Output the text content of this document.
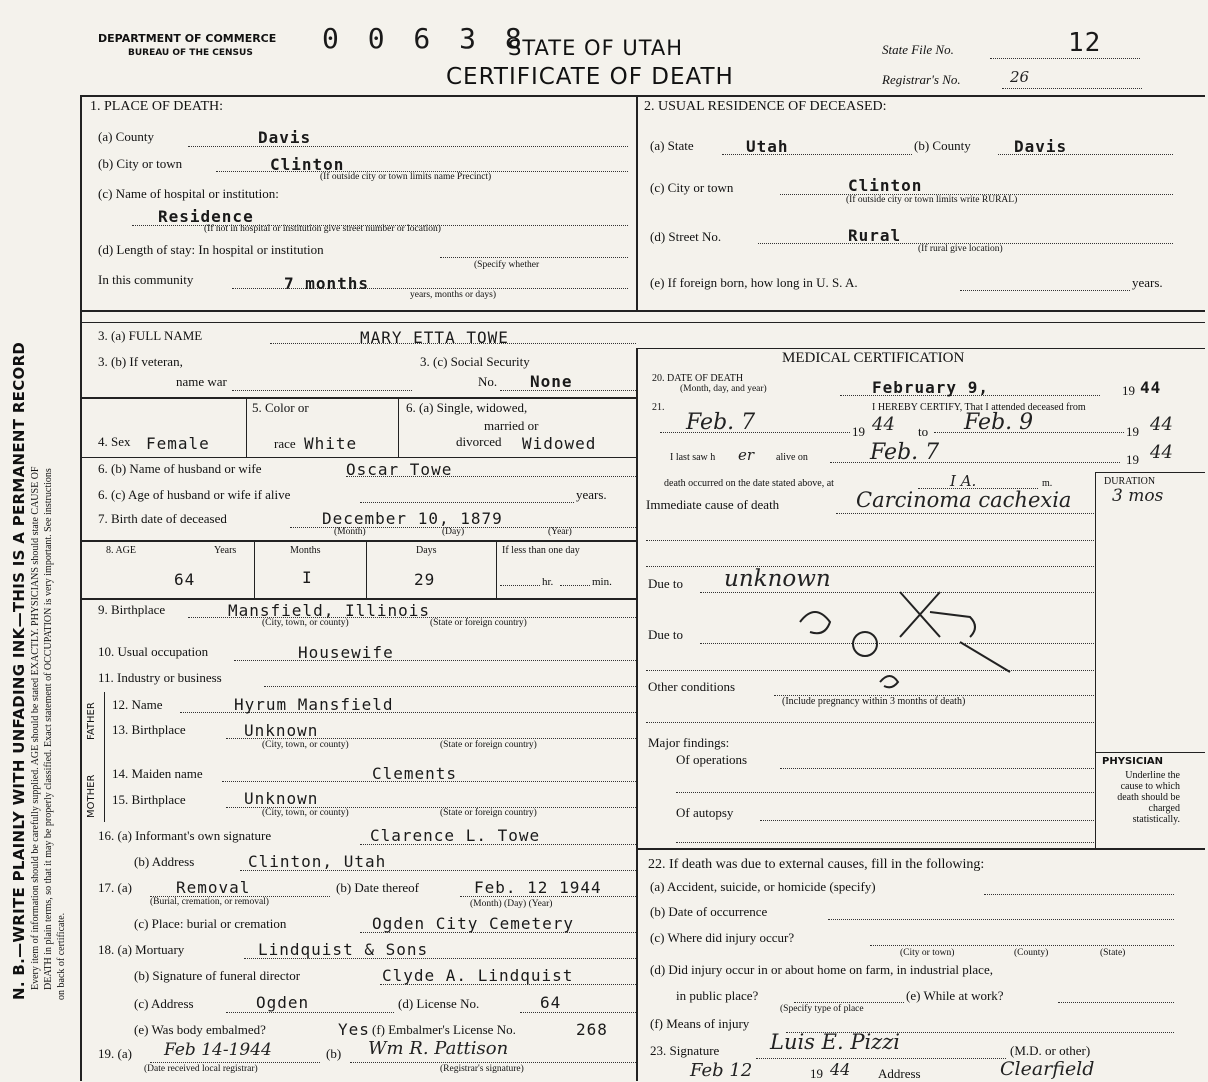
N. B.—WRITE PLAINLY WITH UNFADING INK—THIS IS A PERMANENT RECORD Every item of information should be carefully supplied. AGE should be stated EXACTLY. PHYSICIANS should state CAUSE OF DEATH in plain terms, so that it may be properly classified. Exact statement of OCCUPATION is very important. See instructions on back of certificate.
DEPARTMENT OF COMMERCE
BUREAU OF THE CENSUS 0 0 6 3 8
STATE OF UTAH
CERTIFICATE OF DEATH
State File No.	12
Registrar's No.	26
1. PLACE OF DEATH:
(a) County	Davis
(b) City or town	Clinton
(If outside city or town limits name Precinct)
(c) Name of hospital or institution:
Residence
(If not in hospital or institution give street number or location)
(d) Length of stay: In hospital or institution
(Specify whether
In this community	7 months
years, months or days)
2. USUAL RESIDENCE OF DECEASED:
(a) State	Utah	(b) County	Davis
(c) City or town	Clinton
(If outside city or town limits write RURAL)
(d) Street No.	Rural
(If rural give location)
(e) If foreign born, how long in U. S. A.	years.
3. (a) FULL NAME	MARY ETTA TOWE
3. (b) If veteran,
name war
3. (c) Social Security
No. None
MEDICAL CERTIFICATION
20. DATE OF DEATH
(Month, day, and year)	February 9,	19 44
5. Color or
race White
6. (a) Single, widowed,
married or
divorced Widowed
4. Sex Female
6. (b) Name of husband or wife	Oscar Towe
6. (c) Age of husband or wife if alive	years.
7. Birth date of deceased	December 10, 1879
(Month)	(Day)	(Year)
8. AGE	Years	Months	Days	If less than one day
64	I	29	hr.	min.
9. Birthplace	Mansfield, Illinois
(City, town, or county)	(State or foreign country)
10. Usual occupation	Housewife
11. Industry or business
FATHER
MOTHER
12. Name	Hyrum Mansfield
13. Birthplace	Unknown
(City, town, or county)	(State or foreign country)
14. Maiden name	Clements
15. Birthplace	Unknown
(City, town, or county)	(State or foreign country)
16. (a) Informant's own signature	Clarence L. Towe
(b) Address	Clinton, Utah
17. (a)	Removal	(b) Date thereof	Feb. 12 1944
(Burial, cremation, or removal)	(Month) (Day) (Year)
(c) Place: burial or cremation	Ogden City Cemetery
18. (a) Mortuary	Lindquist & Sons
(b) Signature of funeral director	Clyde A. Lindquist
(c) Address	Ogden	(d) License No.	64
(e) Was body embalmed?	Yes (f) Embalmer's License No.	268
19. (a) Feb 14-1944	(b) Wm R. Pattison
(Date received local registrar)	(Registrar's signature)
21.	I HEREBY CERTIFY, That I attended deceased from
Feb. 7	19 44 to Feb. 9	19 44
I last saw h er alive on	Feb. 7	19 44
death occurred on the date stated above, at	I A.	m.	DURATION
Immediate cause of death	Carcinoma cachexia 3 mos
Due to unknown
Due to
Other conditions
(Include pregnancy within 3 months of death)
Major findings:
Of operations
Of autopsy
PHYSICIAN
Underline the cause to which death should be charged statistically.
22. If death was due to external causes, fill in the following:
(a) Accident, suicide, or homicide (specify)
(b) Date of occurrence
(c) Where did injury occur?
(City or town)	(County)	(State)
(d) Did injury occur in or about home on farm, in industrial place,
in public place?	(e) While at work?
(Specify type of place
(f) Means of injury
23. Signature Luis E. Pizzi	(M.D. or other)
Feb 12	19 44 Address	Clearfield
